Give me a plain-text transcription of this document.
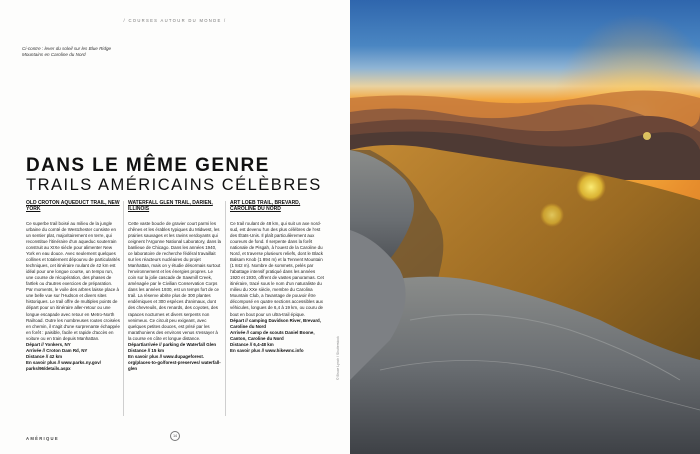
/ COURSES AUTOUR DU MONDE /
Ci-contre : lever du soleil sur les Blue Ridge Mountains en Caroline du Nord
DANS LE MÊME GENRE
TRAILS AMÉRICAINS CÉLÈBRES
OLD CROTON AQUEDUCT TRAIL, NEW YORK

Ce superbe trail boisé au milieu de la jungle urbaine du comté de Westchester consiste en un sentier plat, majoritairement en terre, qui reconstitue l'itinéraire d'un aqueduc souterrain construit au XIXe siècle pour alimenter New York en eau douce. Avec seulement quelques collines et totalement dépourvu de particularités techniques, cet itinéraire roulant de 42 km est idéal pour une longue course, un tempo run, une course de récupération, des phases de fartlek ou d'autres exercices de préparation. Par moments, le voile des arbres laisse place à une belle vue sur l'Hudson et divers sites historiques. Le trail offre de multiples points de départ pour un itinéraire aller-retour ou une longue escapade avec retour en Metro-North Railroad. Outre les nombreuses routes croisées en chemin, il s'agit d'une surprenante échappée en forêt : paisible, facile et rapide d'accès en voiture ou en train depuis Manhattan.

Départ // Yonkers, NY
Arrivée // Croton Dam Rd, NY
Distance // 42 km
En savoir plus // www.parks.ny.gov/ parks/96/details.aspx
WATERFALL GLEN TRAIL, DARIEN, ILLINOIS

Cette vaste boucle de gravier court parmi les chênes et les érables typiques du Midwest, les prairies sauvages et les ravins verdoyants qui ceignent l'Argonne National Laboratory, dans la banlieue de Chicago. Dans les années 1940, ce laboratoire de recherche fédéral travaillait sur les réacteurs nucléaires du projet Manhattan, mais on y étudie désormais surtout l'environnement et les énergies propres. Le coin sur la jolie cascade de Sawmill Creek, aménagée par le Civilian Conservation Corps dans les années 1930, est un temps fort de ce trail. La réserve abrite plus de 300 plantes endémiques et 300 espèces d'animaux, dont des chevreuils, des renards, des coyotes, des rapaces nocturnes et divers serpents non venimeux. Ce circuit peu exigeant, avec quelques petites douces, est prisé par les marathoniens des environs venus s'essayer à la course en côte et longue distance.

Départ/arrivée // parking de Waterfall Glen
Distance // 15 km
En savoir plus // www.dupageforest. org/places-to-go/forest-preserves/ waterfall-glen
ART LOEB TRAIL, BREVARD, CAROLINE DU NORD

Ce trail roulant de 48 km, qui suit un axe nord-sud, est devenu l'un des plus célèbres de l'est des États-Unis. Il plaît particulièrement aux coureurs de fond. Il serpente dans la forêt nationale de Pisgah, à l'ouest de la Caroline du Nord, et traverse plusieurs reliefs, dont le Black Balsam Knob (1 894 m) et la Tennent Mountain (1 842 m). Nombre de sommets, pelés par l'abattage intensif pratiqué dans les années 1920 et 1930, offrent de vastes panoramas. Cet itinéraire, tracé sous le nom d'un naturaliste du milieu du XXe siècle, membre du Carolina Mountain Club, a l'avantage de pouvoir être décomposé en quatre sections accessibles aux véhicules, longues de 6,4 à 19 km, ou couru de bout en bout pour un ultra-trail épique.

Départ // camping Davidson River, Brevard, Caroline du Nord
Arrivée // camp de scouts Daniel Boone, Canton, Caroline du Nord
Distance // 6,4-48 km
En savoir plus // www.hikewnc.info
AMÉRIQUE	14
© Bruce Lynch / Shutterstock
